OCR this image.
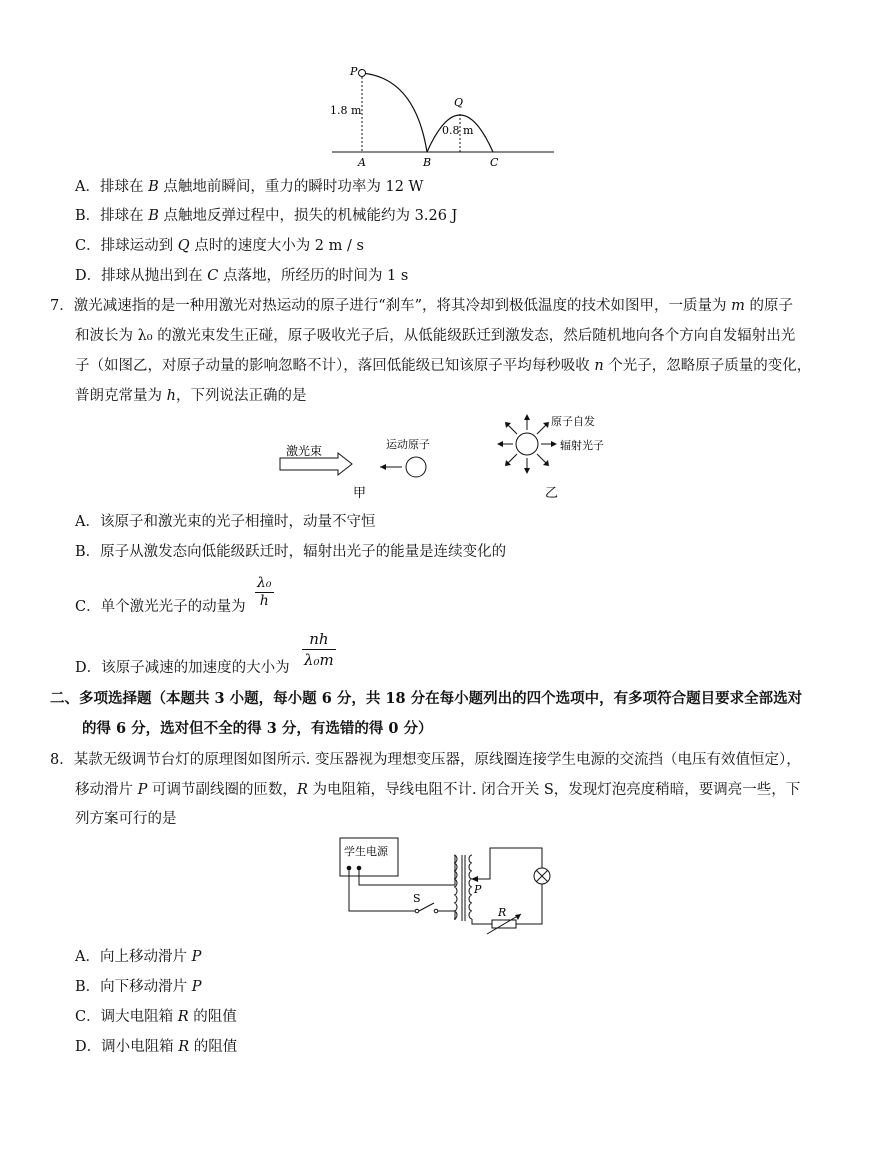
P
Q
1.8 m
0.8 m
A	B	C
A．排球在 B 点触地前瞬间，重力的瞬时功率为 12 W
B．排球在 B 点触地反弹过程中，损失的机械能约为 3.26 J
C．排球运动到 Q 点时的速度大小为 2 m / s
D．排球从抛出到在 C 点落地，所经历的时间为 1 s
7．激光减速指的是一种用激光对热运动的原子进行“刹车”，将其冷却到极低温度的技术如图甲，一质量为 m 的原子
和波长为 λ₀ 的激光束发生正碰，原子吸收光子后，从低能级跃迁到激发态，然后随机地向各个方向自发辐射出光
子（如图乙，对原子动量的影响忽略不计），落回低能级已知该原子平均每秒吸收 n 个光子，忽略原子质量的变化，
普朗克常量为 h，下列说法正确的是
激光束	运动原子
甲
原子自发
辐射光子
乙
A．该原子和激光束的光子相撞时，动量不守恒
B．原子从激发态向低能级跃迁时，辐射出光子的能量是连续变化的
C．单个激光光子的动量为 $\frac{\text{λ₀}}{h}$
D．该原子减速的加速度的大小为 $\frac{nh}{\text{λ₀m}}$
二、多项选择题（本题共 3 小题，每小题 6 分，共 18 分在每小题列出的四个选项中，有多项符合题目要求全部选对
的得 6 分，选对但不全的得 3 分，有选错的得 0 分）
8．某款无级调节台灯的原理图如图所示. 变压器视为理想变压器，原线圈连接学生电源的交流挡（电压有效值恒定），
移动滑片 P 可调节副线圈的匝数，R 为电阻箱，导线电阻不计. 闭合开关 S，发现灯泡亮度稍暗，要调亮一些，下
列方案可行的是
学生电源
S
P
R
A．向上移动滑片 P
B．向下移动滑片 P
C．调大电阻箱 R 的阻值
D．调小电阻箱 R 的阻值
